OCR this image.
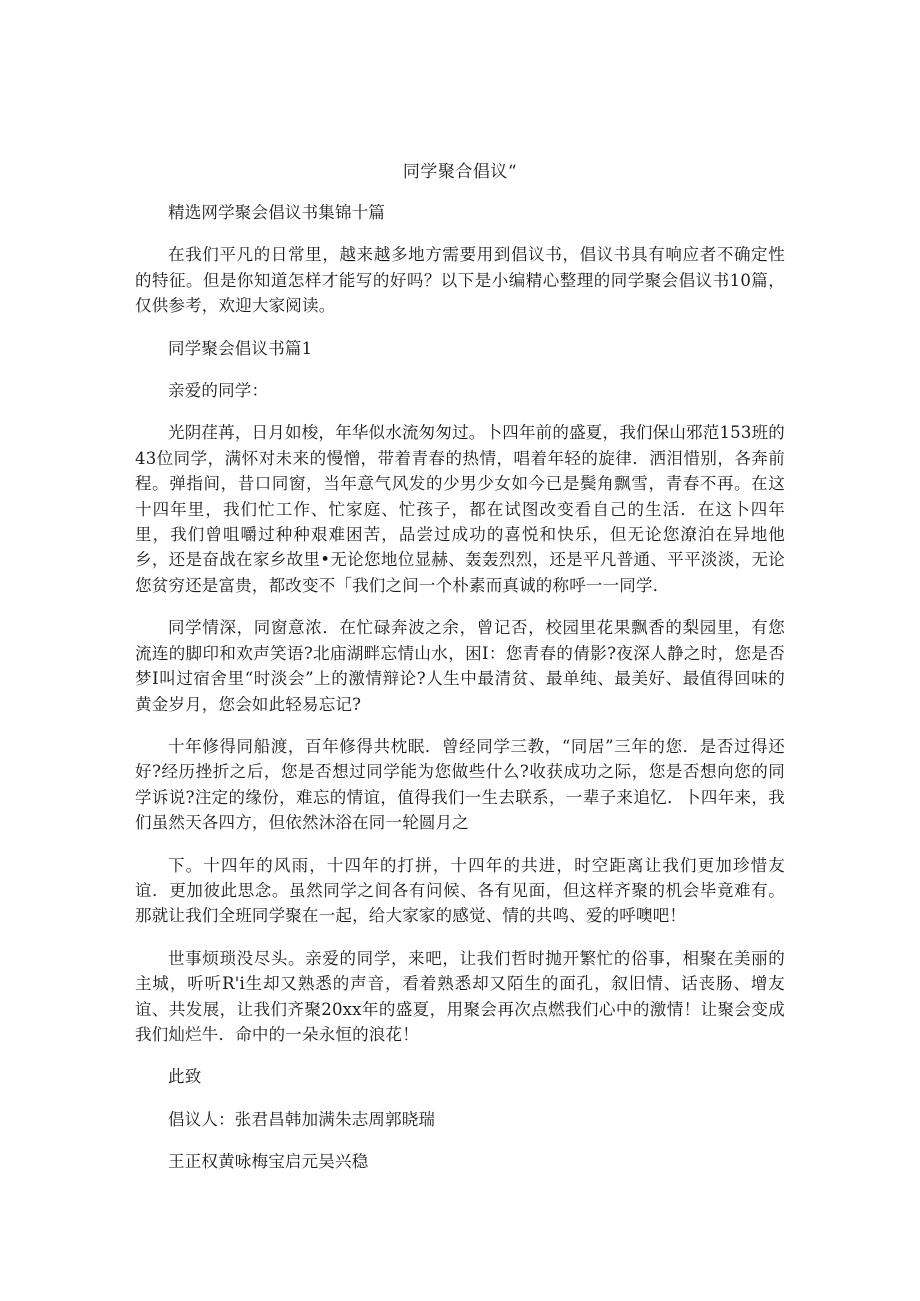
同学聚合倡议“

精选网学聚会倡议书集锦十篇

在我们平凡的日常里，越来越多地方需要用到倡议书，倡议书具有响应者不确定性的特征。但是你知道怎样才能写的好吗？以下是小编精心整理的同学聚会倡议书10篇，仅供参考，欢迎大家阅读。

同学聚会倡议书篇1

亲爱的同学：

光阴荏苒，日月如梭，年华似水流匆匆过。卜四年前的盛夏，我们保山邪范153班的43位同学，满怀对未来的慢憎，带着青春的热情，唱着年轻的旋律．洒泪惜别，各奔前程。弹指间，昔口同窗，当年意气风发的少男少女如今已是鬓角飘雪，青春不再。在这十四年里，我们忙工作、忙家庭、忙孩子，都在试图改变看自己的生活．在这卜四年里，我们曾咀嚼过种种艰难困苦，品尝过成功的喜悦和快乐，但无论您潦泊在异地他乡，还是奋战在家乡故里•无论您地位显赫、轰轰烈烈，还是平凡普通、平平淡淡，无论您贫穷还是富贵，都改变不「我们之间一个朴素而真诚的称呼一一同学．

同学情深，同窗意浓．在忙碌奔波之余，曾记否，校园里花果飘香的梨园里，有您流连的脚印和欢声笑语?北庙湖畔忘情山水，困I：您青春的倩影?夜深人静之时，您是否梦I叫过宿舍里“时淡会”上的激情辩论?人生中最清贫、最单纯、最美好、最值得回味的黄金岁月，您会如此轻易忘记?

十年修得同船渡，百年修得共枕眠．曾经同学三教，“同居”三年的您．是否过得还好?经历挫折之后，您是否想过同学能为您做些什么?收获成功之际，您是否想向您的同学诉说?注定的缘份，难忘的情谊，值得我们一生去联系，一辈子来追忆．卜四年来，我们虽然天各四方，但依然沐浴在同一轮圆月之

下。十四年的风雨，十四年的打拼，十四年的共进，时空距离让我们更加珍惜友谊．更加彼此思念。虽然同学之间各有问候、各有见面，但这样齐聚的机会毕竟难有。那就让我们全班同学聚在一起，给大家家的感觉、情的共鸣、爱的呼噢吧！

世事烦琐没尽头。亲爱的同学，来吧，让我们哲时抛开繁忙的俗事，相聚在美丽的主城，听听R'i生却又熟悉的声音，看着熟悉却又陌生的面孔，叙旧情、话丧肠、增友谊、共发展，让我们齐聚20xx年的盛夏，用聚会再次点燃我们心中的激情！让聚会变成我们灿烂牛．命中的一朵永恒的浪花！

此致

倡议人：张君昌韩加满朱志周郭晓瑞

王正权黄咏梅宝启元吴兴稳
